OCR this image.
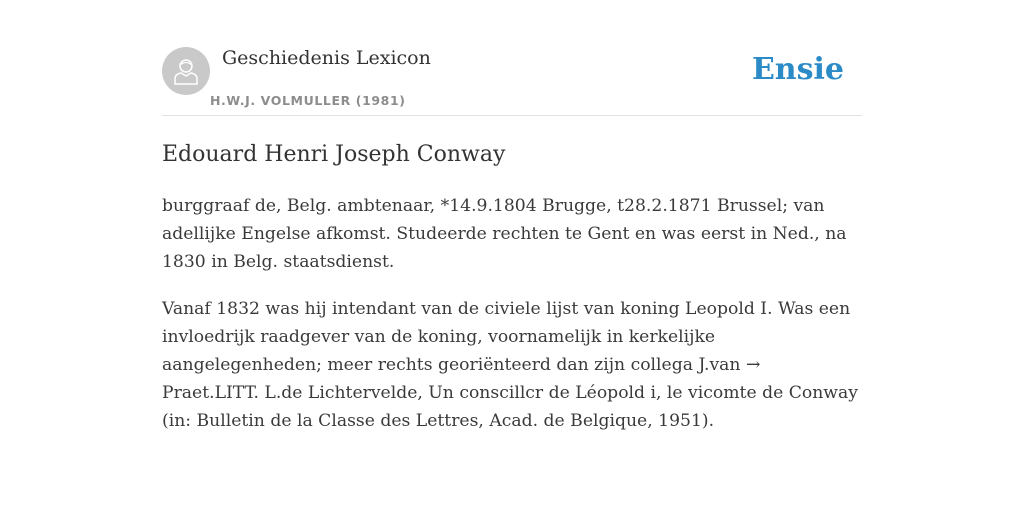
Geschiedenis Lexicon
H.W.J. VOLMULLER (1981)
Ensie
Edouard Henri Joseph Conway

burggraaf de, Belg. ambtenaar, *14.9.1804 Brugge, t28.2.1871 Brussel; van adellijke Engelse afkomst. Studeerde rechten te Gent en was eerst in Ned., na 1830 in Belg. staatsdienst.

Vanaf 1832 was hij intendant van de civiele lijst van koning Leopold I. Was een invloedrijk raadgever van de koning, voornamelijk in kerkelijke aangelegenheden; meer rechts georiënteerd dan zijn collega J.van → Praet.LITT. L.de Lichtervelde, Un conscillcr de Léopold i, le vicomte de Conway (in: Bulletin de la Classe des Lettres, Acad. de Belgique, 1951).
